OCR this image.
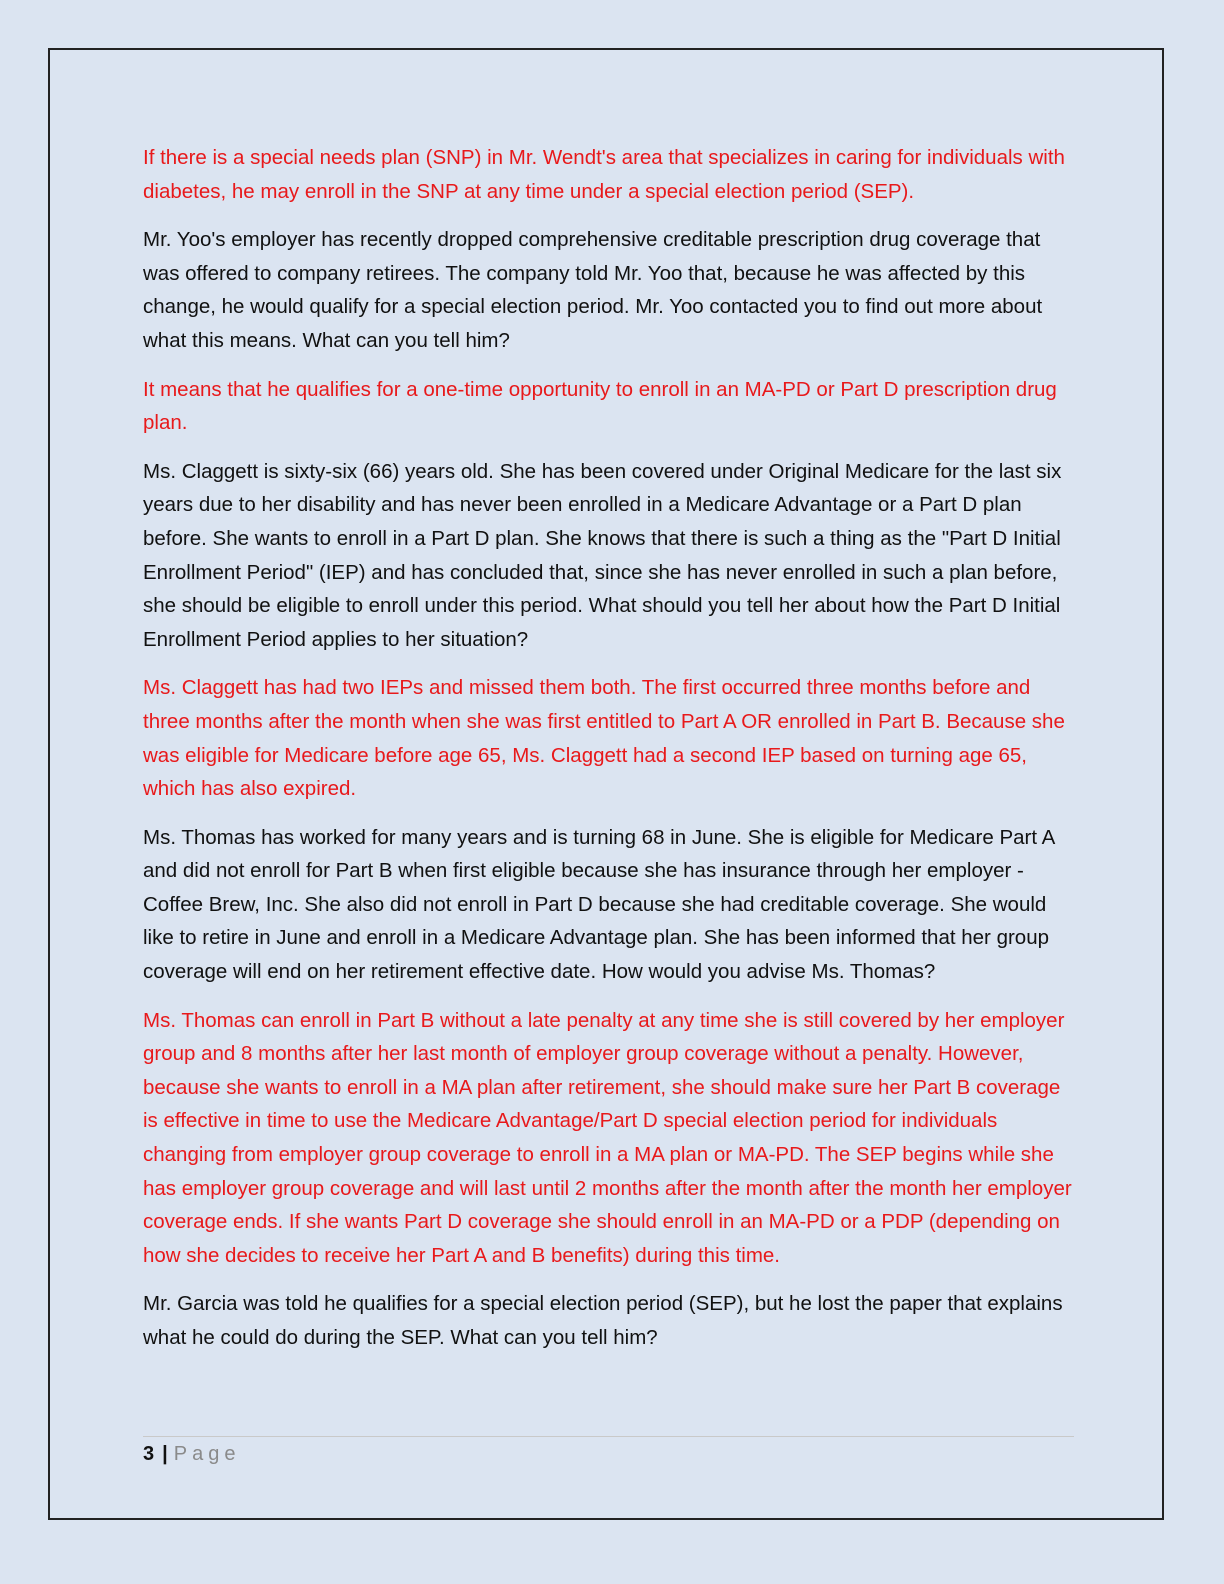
If there is a special needs plan (SNP) in Mr. Wendt's area that specializes in caring for individuals with diabetes, he may enroll in the SNP at any time under a special election period (SEP).

Mr. Yoo's employer has recently dropped comprehensive creditable prescription drug coverage that was offered to company retirees. The company told Mr. Yoo that, because he was affected by this change, he would qualify for a special election period. Mr. Yoo contacted you to find out more about what this means. What can you tell him?

It means that he qualifies for a one-time opportunity to enroll in an MA-PD or Part D prescription drug plan.

Ms. Claggett is sixty-six (66) years old. She has been covered under Original Medicare for the last six years due to her disability and has never been enrolled in a Medicare Advantage or a Part D plan before. She wants to enroll in a Part D plan. She knows that there is such a thing as the "Part D Initial Enrollment Period" (IEP) and has concluded that, since she has never enrolled in such a plan before, she should be eligible to enroll under this period. What should you tell her about how the Part D Initial Enrollment Period applies to her situation?

Ms. Claggett has had two IEPs and missed them both. The first occurred three months before and three months after the month when she was first entitled to Part A OR enrolled in Part B. Because she was eligible for Medicare before age 65, Ms. Claggett had a second IEP based on turning age 65, which has also expired.

Ms. Thomas has worked for many years and is turning 68 in June. She is eligible for Medicare Part A and did not enroll for Part B when first eligible because she has insurance through her employer - Coffee Brew, Inc. She also did not enroll in Part D because she had creditable coverage. She would like to retire in June and enroll in a Medicare Advantage plan. She has been informed that her group coverage will end on her retirement effective date. How would you advise Ms. Thomas?

Ms. Thomas can enroll in Part B without a late penalty at any time she is still covered by her employer group and 8 months after her last month of employer group coverage without a penalty. However, because she wants to enroll in a MA plan after retirement, she should make sure her Part B coverage is effective in time to use the Medicare Advantage/Part D special election period for individuals changing from employer group coverage to enroll in a MA plan or MA-PD. The SEP begins while she has employer group coverage and will last until 2 months after the month after the month her employer coverage ends. If she wants Part D coverage she should enroll in an MA-PD or a PDP (depending on how she decides to receive her Part A and B benefits) during this time.

Mr. Garcia was told he qualifies for a special election period (SEP), but he lost the paper that explains what he could do during the SEP. What can you tell him?

3 | Page
